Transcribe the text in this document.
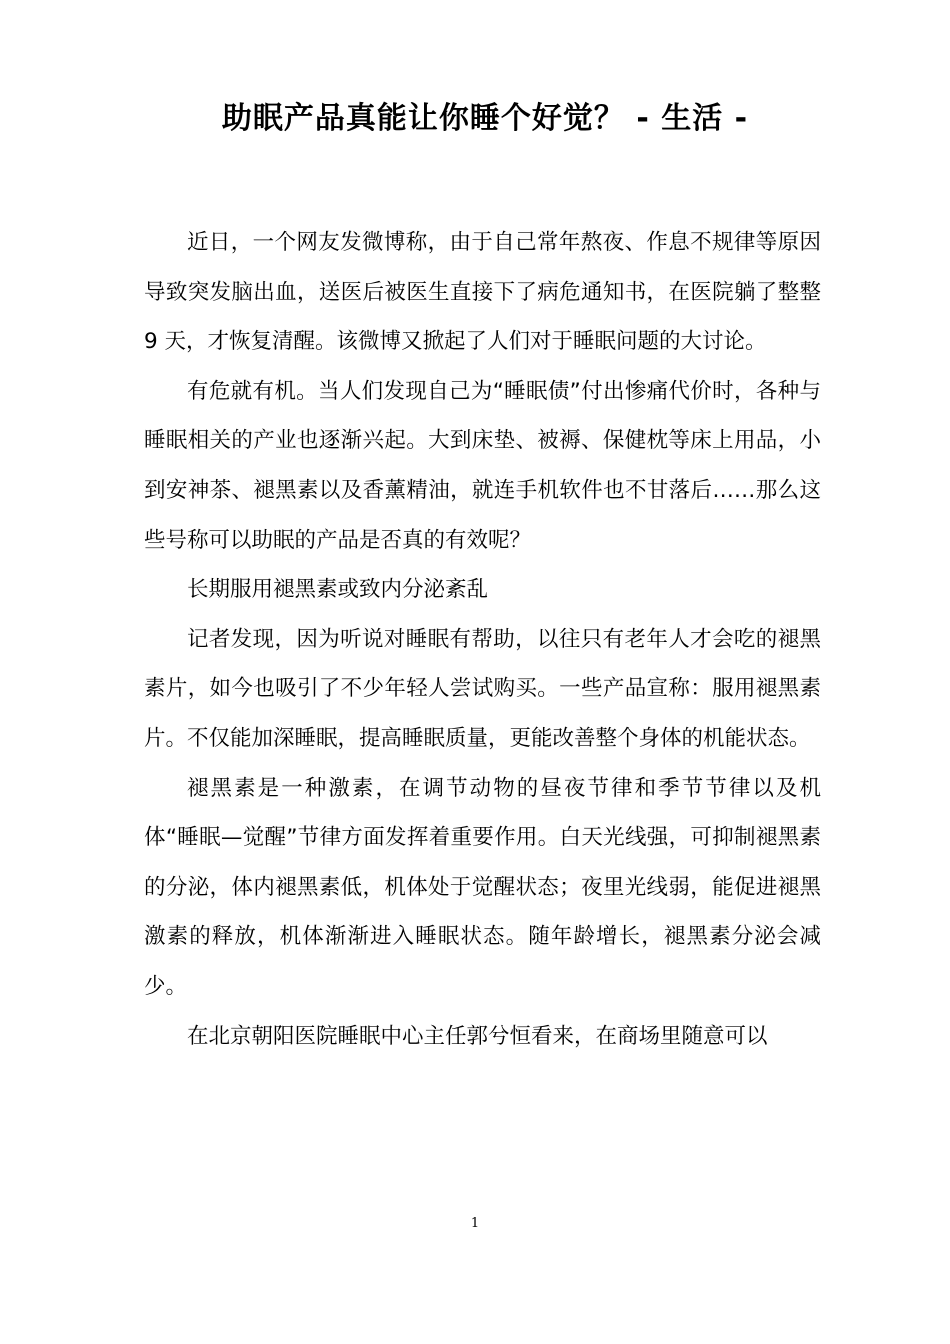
助眠产品真能让你睡个好觉？ - 生活 -

近日，一个网友发微博称，由于自己常年熬夜、作息不规律等原因导致突发脑出血，送医后被医生直接下了病危通知书，在医院躺了整整 9 天，才恢复清醒。该微博又掀起了人们对于睡眠问题的大讨论。

有危就有机。当人们发现自己为“睡眠债”付出惨痛代价时，各种与睡眠相关的产业也逐渐兴起。大到床垫、被褥、保健枕等床上用品，小到安神茶、褪黑素以及香薰精油，就连手机软件也不甘落后……那么这些号称可以助眠的产品是否真的有效呢？

长期服用褪黑素或致内分泌紊乱

记者发现，因为听说对睡眠有帮助，以往只有老年人才会吃的褪黑素片，如今也吸引了不少年轻人尝试购买。一些产品宣称：服用褪黑素片。不仅能加深睡眠，提高睡眠质量，更能改善整个身体的机能状态。

褪黑素是一种激素，在调节动物的昼夜节律和季节节律以及机体“睡眠—觉醒”节律方面发挥着重要作用。白天光线强，可抑制褪黑素的分泌，体内褪黑素低，机体处于觉醒状态；夜里光线弱，能促进褪黑激素的释放，机体渐渐进入睡眠状态。随年龄增长，褪黑素分泌会减少。

在北京朝阳医院睡眠中心主任郭兮恒看来，在商场里随意可以

1
